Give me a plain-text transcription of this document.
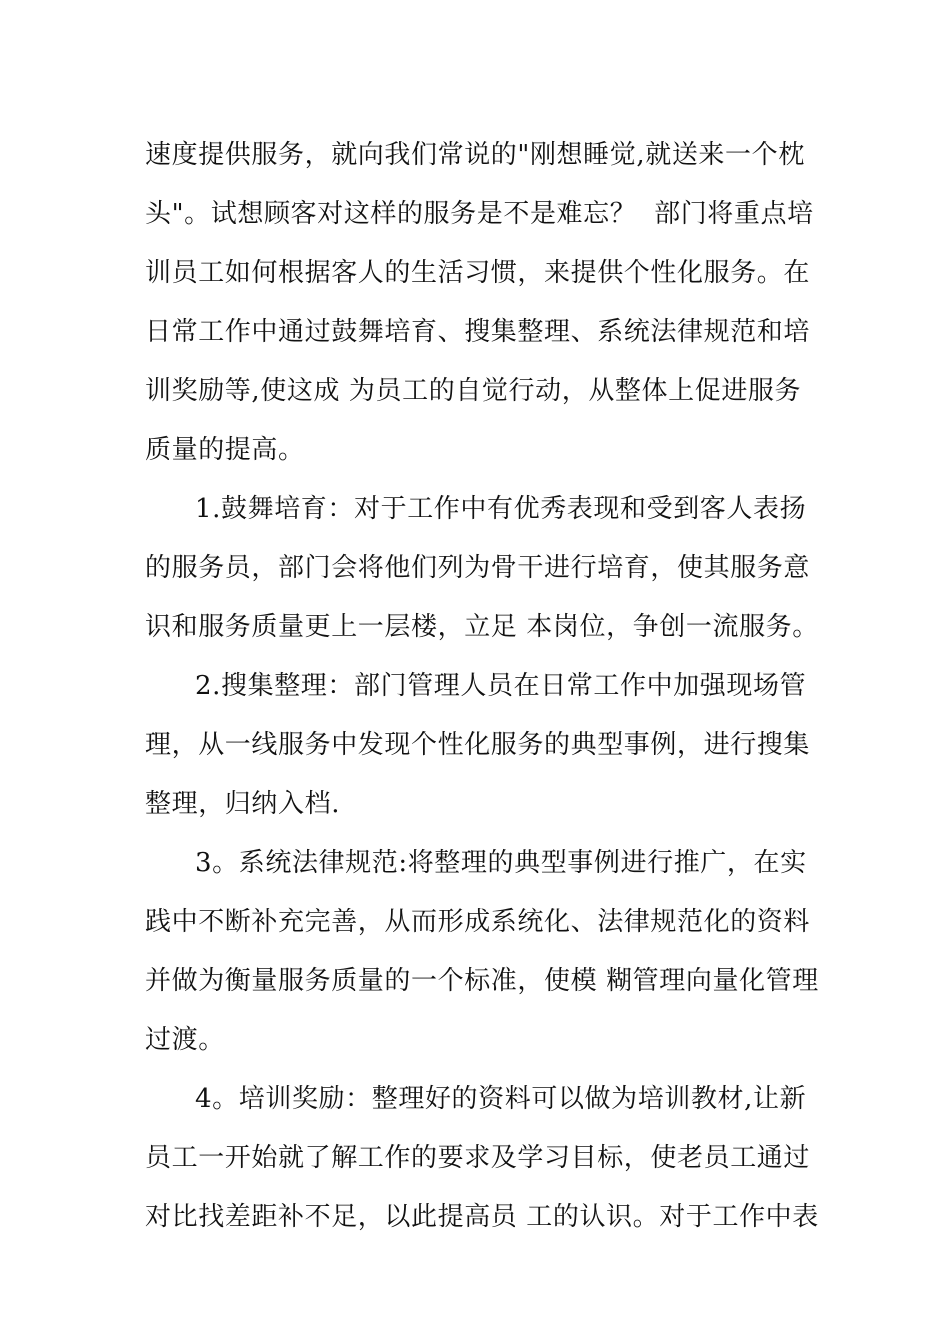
速度提供服务，就向我们常说的"刚想睡觉,就送来一个枕
头"。试想顾客对这样的服务是不是难忘？  部门将重点培
训员工如何根据客人的生活习惯，来提供个性化服务。在
日常工作中通过鼓舞培育、搜集整理、系统法律规范和培
训奖励等,使这成 为员工的自觉行动，从整体上促进服务
质量的提高。
1.鼓舞培育：对于工作中有优秀表现和受到客人表扬
的服务员，部门会将他们列为骨干进行培育，使其服务意
识和服务质量更上一层楼，立足 本岗位，争创一流服务。
2.搜集整理：部门管理人员在日常工作中加强现场管
理，从一线服务中发现个性化服务的典型事例，进行搜集
整理，归纳入档.
3。系统法律规范:将整理的典型事例进行推广，在实
践中不断补充完善，从而形成系统化、法律规范化的资料
并做为衡量服务质量的一个标准，使模 糊管理向量化管理
过渡。
4。培训奖励：整理好的资料可以做为培训教材,让新
员工一开始就了解工作的要求及学习目标，使老员工通过
对比找差距补不足，以此提高员 工的认识。对于工作中表
